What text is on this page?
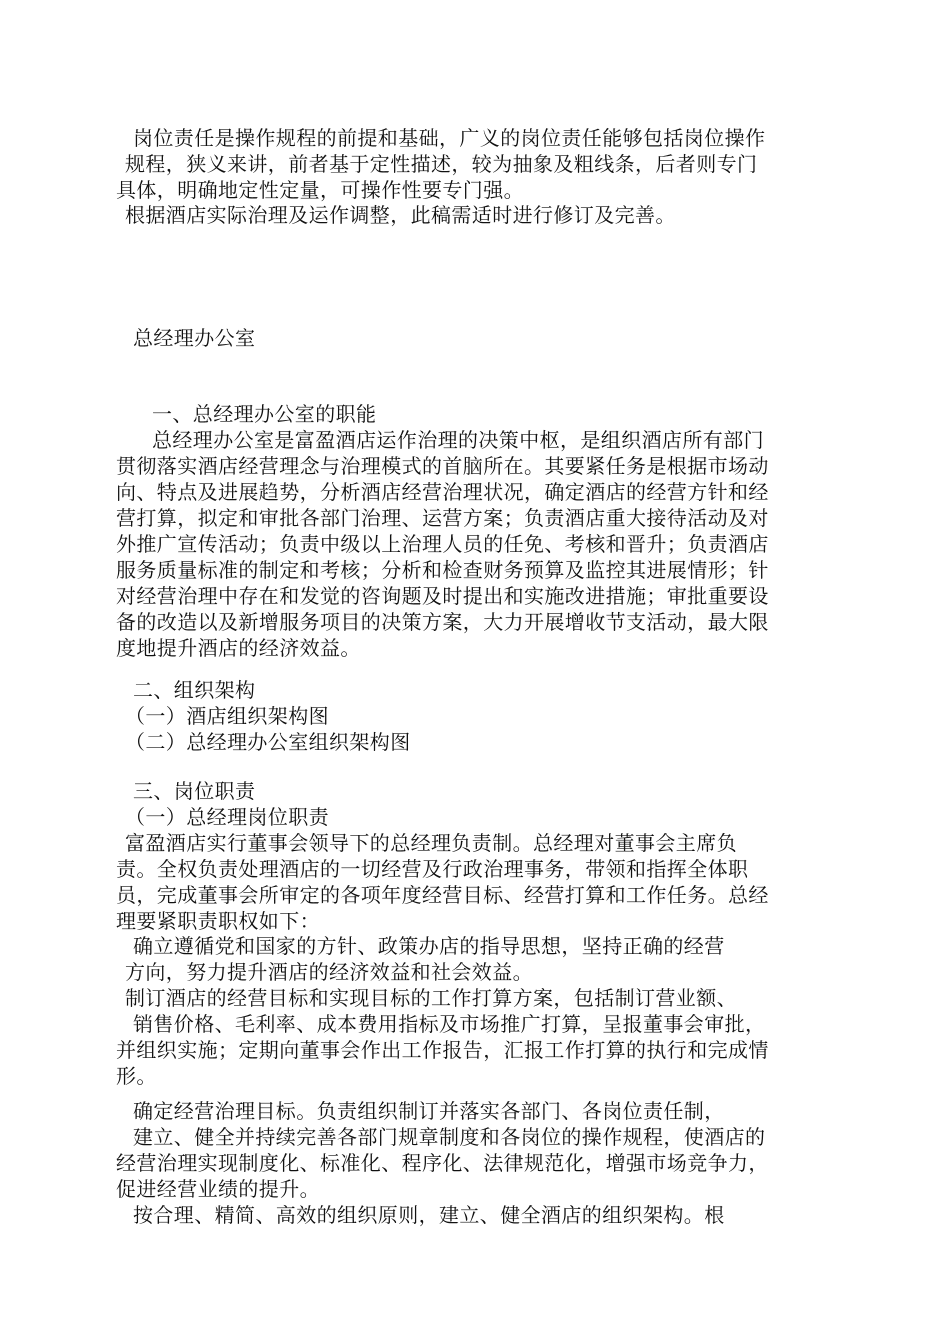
岗位责任是操作规程的前提和基础，广义的岗位责任能够包括岗位操作
规程，狭义来讲，前者基于定性描述，较为抽象及粗线条，后者则专门
具体，明确地定性定量，可操作性要专门强。
根据酒店实际治理及运作调整，此稿需适时进行修订及完善。
总经理办公室
一、总经理办公室的职能
总经理办公室是富盈酒店运作治理的决策中枢，是组织酒店所有部门
贯彻落实酒店经营理念与治理模式的首脑所在。其要紧任务是根据市场动
向、特点及进展趋势，分析酒店经营治理状况，确定酒店的经营方针和经
营打算，拟定和审批各部门治理、运营方案；负责酒店重大接待活动及对
外推广宣传活动；负责中级以上治理人员的任免、考核和晋升；负责酒店
服务质量标准的制定和考核；分析和检查财务预算及监控其进展情形；针
对经营治理中存在和发觉的咨询题及时提出和实施改进措施；审批重要设
备的改造以及新增服务项目的决策方案，大力开展增收节支活动，最大限
度地提升酒店的经济效益。
二、组织架构
（一）酒店组织架构图
（二）总经理办公室组织架构图
三、岗位职责
（一）总经理岗位职责
富盈酒店实行董事会领导下的总经理负责制。总经理对董事会主席负
责。全权负责处理酒店的一切经营及行政治理事务，带领和指挥全体职
员，完成董事会所审定的各项年度经营目标、经营打算和工作任务。总经
理要紧职责职权如下：
确立遵循党和国家的方针、政策办店的指导思想，坚持正确的经营
方向，努力提升酒店的经济效益和社会效益。
制订酒店的经营目标和实现目标的工作打算方案，包括制订营业额、
销售价格、毛利率、成本费用指标及市场推广打算，呈报董事会审批，
并组织实施；定期向董事会作出工作报告，汇报工作打算的执行和完成情
形。
确定经营治理目标。负责组织制订并落实各部门、各岗位责任制，
建立、健全并持续完善各部门规章制度和各岗位的操作规程，使酒店的
经营治理实现制度化、标准化、程序化、法律规范化，增强市场竞争力，
促进经营业绩的提升。
按合理、精简、高效的组织原则，建立、健全酒店的组织架构。根
